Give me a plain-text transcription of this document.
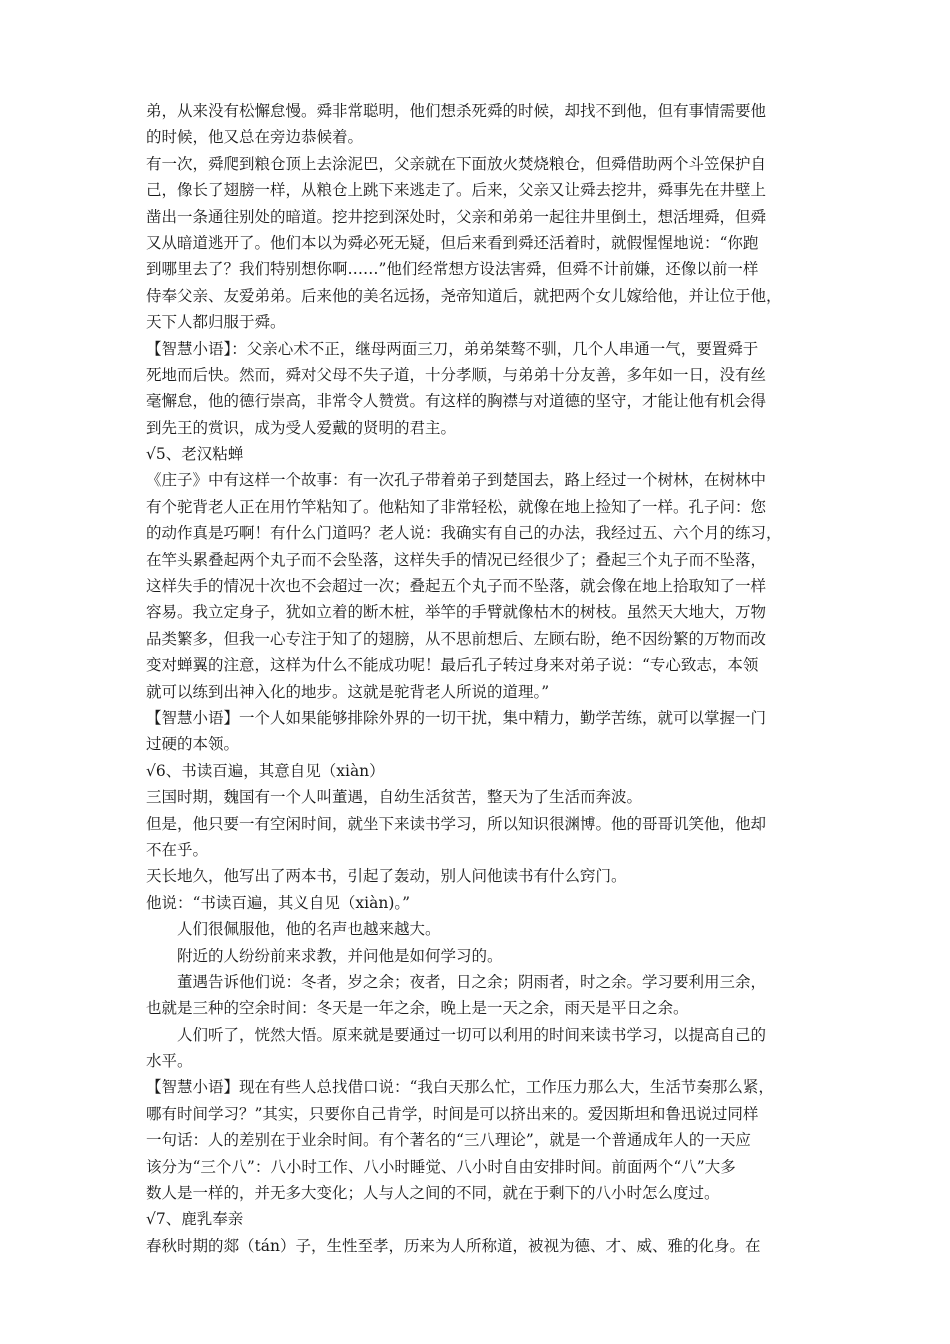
弟，从来没有松懈怠慢。舜非常聪明，他们想杀死舜的时候，却找不到他，但有事情需要他
的时候，他又总在旁边恭候着。
有一次，舜爬到粮仓顶上去涂泥巴，父亲就在下面放火焚烧粮仓，但舜借助两个斗笠保护自
己，像长了翅膀一样，从粮仓上跳下来逃走了。后来，父亲又让舜去挖井，舜事先在井壁上
凿出一条通往别处的暗道。挖井挖到深处时，父亲和弟弟一起往井里倒土，想活埋舜，但舜
又从暗道逃开了。他们本以为舜必死无疑，但后来看到舜还活着时，就假惺惺地说：“你跑
到哪里去了？我们特别想你啊……”他们经常想方设法害舜，但舜不计前嫌，还像以前一样
侍奉父亲、友爱弟弟。后来他的美名远扬，尧帝知道后，就把两个女儿嫁给他，并让位于他，
天下人都归服于舜。
【智慧小语】：父亲心术不正，继母两面三刀，弟弟桀骜不驯，几个人串通一气，要置舜于
死地而后快。然而，舜对父母不失子道，十分孝顺，与弟弟十分友善，多年如一日，没有丝
毫懈怠，他的德行崇高，非常令人赞赏。有这样的胸襟与对道德的坚守，才能让他有机会得
到先王的赏识，成为受人爱戴的贤明的君主。
√5、老汉粘蝉
《庄子》中有这样一个故事：有一次孔子带着弟子到楚国去，路上经过一个树林，在树林中
有个驼背老人正在用竹竿粘知了。他粘知了非常轻松，就像在地上捡知了一样。孔子问：您
的动作真是巧啊！有什么门道吗？老人说：我确实有自己的办法，我经过五、六个月的练习，
在竿头累叠起两个丸子而不会坠落，这样失手的情况已经很少了；叠起三个丸子而不坠落，
这样失手的情况十次也不会超过一次；叠起五个丸子而不坠落，就会像在地上拾取知了一样
容易。我立定身子，犹如立着的断木桩，举竿的手臂就像枯木的树枝。虽然天大地大，万物
品类繁多，但我一心专注于知了的翅膀，从不思前想后、左顾右盼，绝不因纷繁的万物而改
变对蝉翼的注意，这样为什么不能成功呢！最后孔子转过身来对弟子说：“专心致志，本领
就可以练到出神入化的地步。这就是驼背老人所说的道理。”
【智慧小语】一个人如果能够排除外界的一切干扰，集中精力，勤学苦练，就可以掌握一门
过硬的本领。
√6、书读百遍，其意自见（xiàn）
三国时期，魏国有一个人叫董遇，自幼生活贫苦，整天为了生活而奔波。
但是，他只要一有空闲时间，就坐下来读书学习，所以知识很渊博。他的哥哥讥笑他，他却
不在乎。
天长地久，他写出了两本书，引起了轰动，别人问他读书有什么窍门。
他说：“书读百遍，其义自见（xiàn)。”
人们很佩服他，他的名声也越来越大。
附近的人纷纷前来求教，并问他是如何学习的。
董遇告诉他们说：冬者，岁之余；夜者，日之余；阴雨者，时之余。学习要利用三余，
也就是三种的空余时间：冬天是一年之余，晚上是一天之余，雨天是平日之余。
人们听了，恍然大悟。原来就是要通过一切可以利用的时间来读书学习，以提高自己的
水平。
【智慧小语】现在有些人总找借口说：“我白天那么忙，工作压力那么大，生活节奏那么紧，
哪有时间学习？”其实，只要你自己肯学，时间是可以挤出来的。爱因斯坦和鲁迅说过同样
一句话：人的差别在于业余时间。有个著名的“三八理论”，就是一个普通成年人的一天应
该分为“三个八”：八小时工作、八小时睡觉、八小时自由安排时间。前面两个“八”大多
数人是一样的，并无多大变化；人与人之间的不同，就在于剩下的八小时怎么度过。
√7、鹿乳奉亲
春秋时期的郯（tán）子，生性至孝，历来为人所称道，被视为德、才、威、雅的化身。在
